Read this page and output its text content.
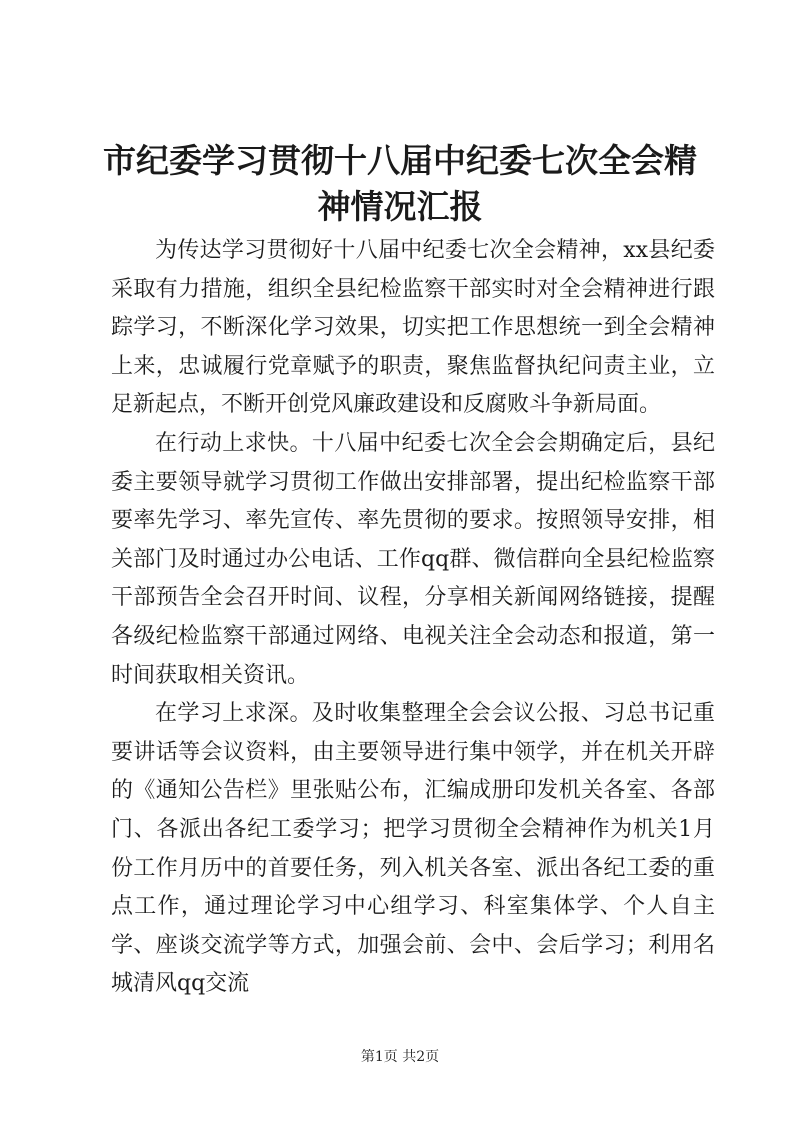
市纪委学习贯彻十八届中纪委七次全会精神情况汇报

为传达学习贯彻好十八届中纪委七次全会精神，xx县纪委采取有力措施，组织全县纪检监察干部实时对全会精神进行跟踪学习，不断深化学习效果，切实把工作思想统一到全会精神上来，忠诚履行党章赋予的职责，聚焦监督执纪问责主业，立足新起点，不断开创党风廉政建设和反腐败斗争新局面。

在行动上求快。十八届中纪委七次全会会期确定后，县纪委主要领导就学习贯彻工作做出安排部署，提出纪检监察干部要率先学习、率先宣传、率先贯彻的要求。按照领导安排，相关部门及时通过办公电话、工作qq群、微信群向全县纪检监察干部预告全会召开时间、议程，分享相关新闻网络链接，提醒各级纪检监察干部通过网络、电视关注全会动态和报道，第一时间获取相关资讯。

在学习上求深。及时收集整理全会会议公报、习总书记重要讲话等会议资料，由主要领导进行集中领学，并在机关开辟的《通知公告栏》里张贴公布，汇编成册印发机关各室、各部门、各派出各纪工委学习；把学习贯彻全会精神作为机关1月份工作月历中的首要任务，列入机关各室、派出各纪工委的重点工作，通过理论学习中心组学习、科室集体学、个人自主学、座谈交流学等方式，加强会前、会中、会后学习；利用名城清风qq交流

第1页 共2页
